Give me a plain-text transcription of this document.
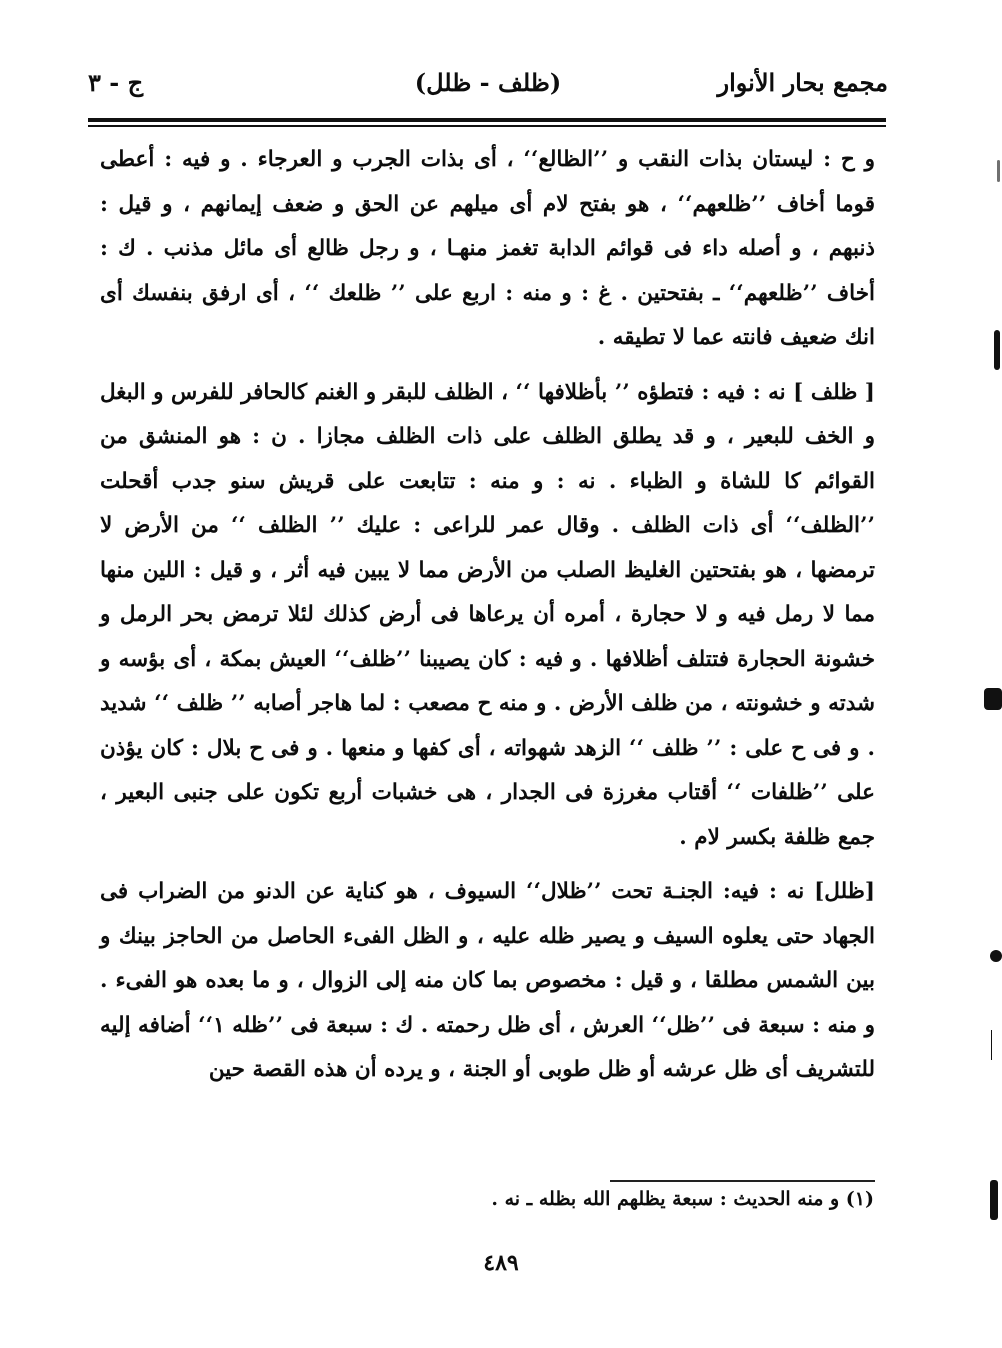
مجمع بحار الأنوار
(ظلف - ظلل)
ج - ٣

و ح : ليستان بذات النقب و ’’الظالع‘‘ ، أى بذات الجرب و العرجاء . و فيه : أعطى قوما أخاف ’’ظلعهم‘‘ ، هو بفتح لام أى ميلهم عن الحق و ضعف إيمانهم ، و قيل : ذنبهم ، و أصله داء فى قوائم الدابة تغمز منهـا ، و رجل ظالع أى مائل مذنب . ك : أخاف ’’ظلعهم‘‘ ـ بفتحتين . غ : و منه : اربع على ’’ ظلعك ‘‘ ، أى ارفق بنفسك أى انك ضعيف فانته عما لا تطيقه .

[ ظلف ] نه : فيه : فتطؤه ’’ بأظلافها ‘‘ ، الظلف للبقر و الغنم كالحافر للفرس و البغل و الخف للبعير ، و قد يطلق الظلف على ذات الظلف مجازا . ن : هو المنشق من القوائم كا للشاة و الظباء . نه : و منه : تتابعت على قريش سنو جدب أقحلت ’’الظلف‘‘ أى ذات الظلف . وقال عمر للراعى : عليك ’’ الظلف ‘‘ من الأرض لا ترمضها ، هو بفتحتين الغليظ الصلب من الأرض مما لا يبين فيه أثر ، و قيل : اللين منها مما لا رمل فيه و لا حجارة ، أمره أن يرعاها فى أرض كذلك لئلا ترمض بحر الرمل و خشونة الحجارة فتتلف أظلافها . و فيه : كان يصيبنا ’’ظلف‘‘ العيش بمكة ، أى بؤسه و شدته و خشونته ، من ظلف الأرض . و منه ح مصعب : لما هاجر أصابه ’’ ظلف ‘‘ شديد . و فى ح على : ’’ ظلف ‘‘ الزهد شهواته ، أى كفها و منعها . و فى ح بلال : كان يؤذن على ’’ظلفات ‘‘ أقتاب مغرزة فى الجدار ، هى خشبات أربع تكون على جنبى البعير ، جمع ظلفة بكسر لام .

[ظلل] نه : فيه: الجنـة تحت ’’ظلال‘‘ السيوف ، هو كناية عن الدنو من الضراب فى الجهاد حتى يعلوه السيف و يصير ظله عليه ، و الظل الفىء الحاصل من الحاجز بينك و بين الشمس مطلقا ، و قيل : مخصوص بما كان منه إلى الزوال ، و ما بعده هو الفىء . و منه : سبعة فى ’’ظل‘‘ العرش ، أى ظل رحمته . ك : سبعة فى ’’ظله ١‘‘ أضافه إليه للتشريف أى ظل عرشه أو ظل طوبى أو الجنة ، و يرده أن هذه القصة حين

(١) و منه الحديث : سبعة يظلهم الله بظله ـ نه .
٤٨٩
